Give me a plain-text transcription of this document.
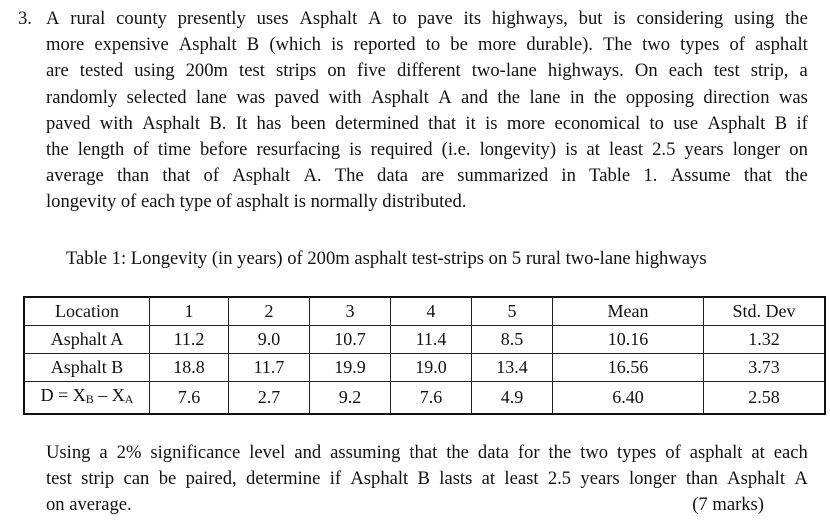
3. A rural county presently uses Asphalt A to pave its highways, but is considering using the
more expensive Asphalt B (which is reported to be more durable). The two types of asphalt
are tested using 200m test strips on five different two-lane highways. On each test strip, a
randomly selected lane was paved with Asphalt A and the lane in the opposing direction was
paved with Asphalt B. It has been determined that it is more economical to use Asphalt B if
the length of time before resurfacing is required (i.e. longevity) is at least 2.5 years longer on
average than that of Asphalt A. The data are summarized in Table 1. Assume that the
longevity of each type of asphalt is normally distributed.
Table 1: Longevity (in years) of 200m asphalt test-strips on 5 rural two-lane highways
Location	1	2	3	4	5	Mean	Std. Dev
Asphalt A	11.2	9.0	10.7	11.4	8.5	10.16	1.32
Asphalt B	18.8	11.7	19.9	19.0	13.4	16.56	3.73
$D = X_B - X_A$	7.6	2.7	9.2	7.6	4.9	6.40	2.58
Using a 2% significance level and assuming that the data for the two types of asphalt at each
test strip can be paired, determine if Asphalt B lasts at least 2.5 years longer than Asphalt A
on average.	(7 marks)
